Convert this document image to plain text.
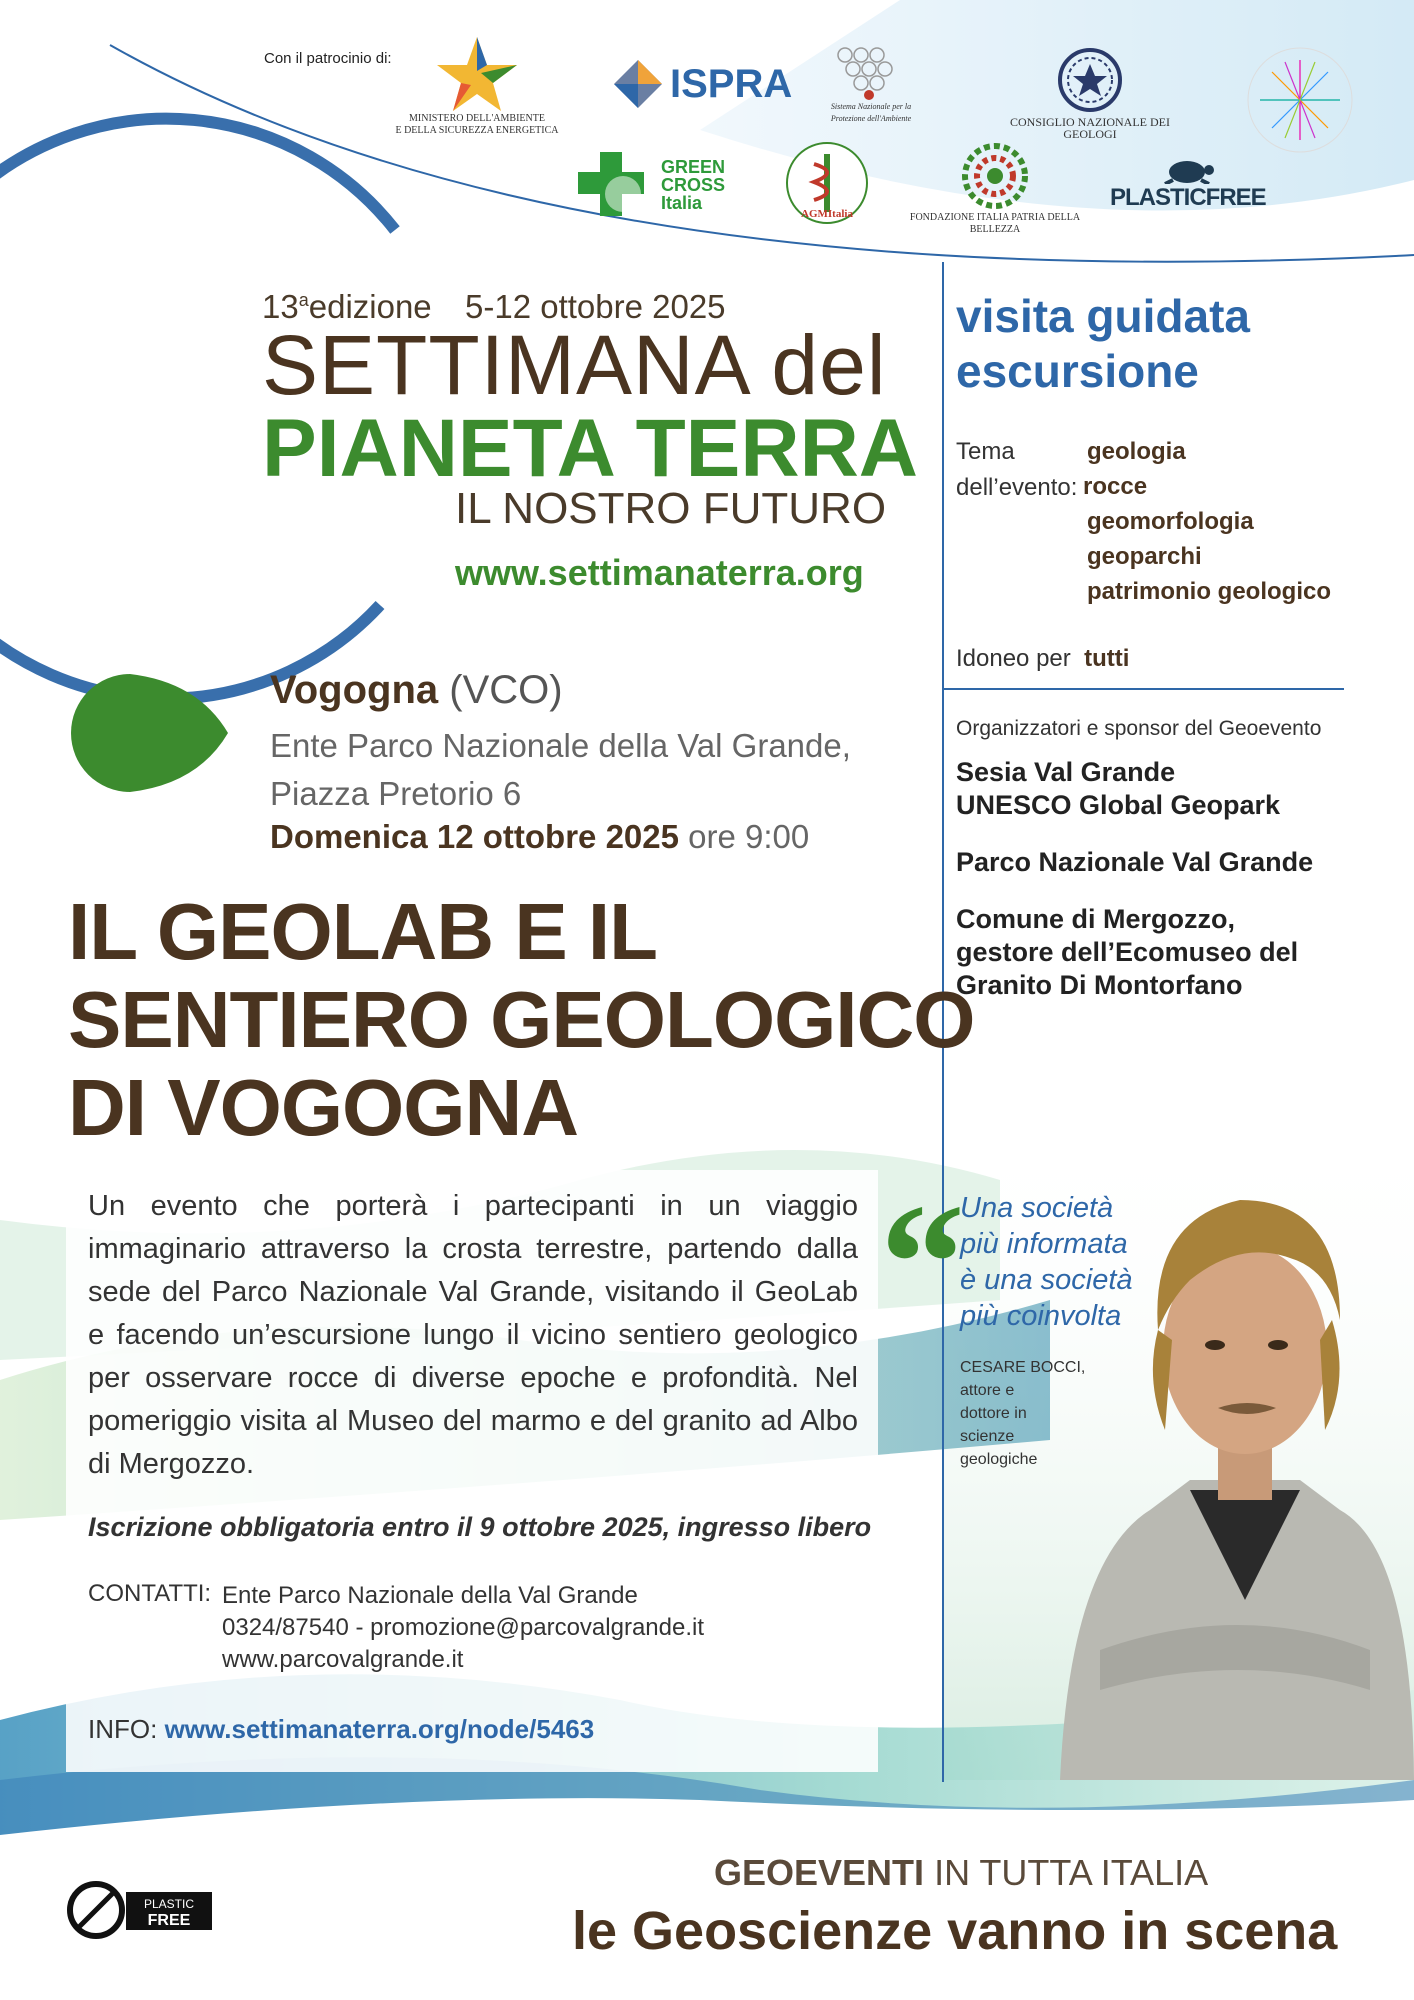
Con il patrocinio di:
MINISTERO DELL'AMBIENTE
E DELLA SICUREZZA ENERGETICA
ISPRA
Sistema Nazionale per la Protezione dell'Ambiente	CONSIGLIO NAZIONALE DEI GEOLOGI
GREEN CROSS Italia
AGMItalia	FONDAZIONE ITALIA PATRIA DELLA BELLEZZA
PLASTICFREE
13$^a$edizione 5-12 ottobre 2025
SETTIMANA del
PIANETA TERRA
IL NOSTRO FUTURO
www.settimanaterra.org
visita guidata
escursione
Tema
dell’evento:
geologia
rocce
geomorfologia
geoparchi
patrimonio geologico
Idoneo per tutti
Organizzatori e sponsor del Geoevento
Sesia Val Grande UNESCO Global Geopark
Parco Nazionale Val Grande
Comune di Mergozzo, gestore dell’Ecomuseo del Granito Di Montorfano
Vogogna (VCO)
Ente Parco Nazionale della Val Grande,
Piazza Pretorio 6
Domenica 12 ottobre 2025 ore 9:00
IL GEOLAB E IL
SENTIERO GEOLOGICO
DI VOGOGNA
Un evento che porterà i partecipanti in un viaggio immaginario attraverso la crosta terrestre, partendo dalla sede del Parco Nazionale Val Grande, visitando il GeoLab e facendo un’escursione lungo il vicino sentiero geologico per osservare rocce di diverse epoche e profondità. Nel pomeriggio visita al Museo del marmo e del granito ad Albo di Mergozzo.
Iscrizione obbligatoria entro il 9 ottobre 2025, ingresso libero
CONTATTI: Ente Parco Nazionale della Val Grande
0324/87540 - promozione@parcovalgrande.it
www.parcovalgrande.it
INFO: www.settimanaterra.org/node/5463
“
Una società
più informata
è una società
più coinvolta
CESARE BOCCI,
attore e
dottore in
scienze
geologiche
PLASTIC
FREE
GEOEVENTI IN TUTTA ITALIA
le Geoscienze vanno in scena
